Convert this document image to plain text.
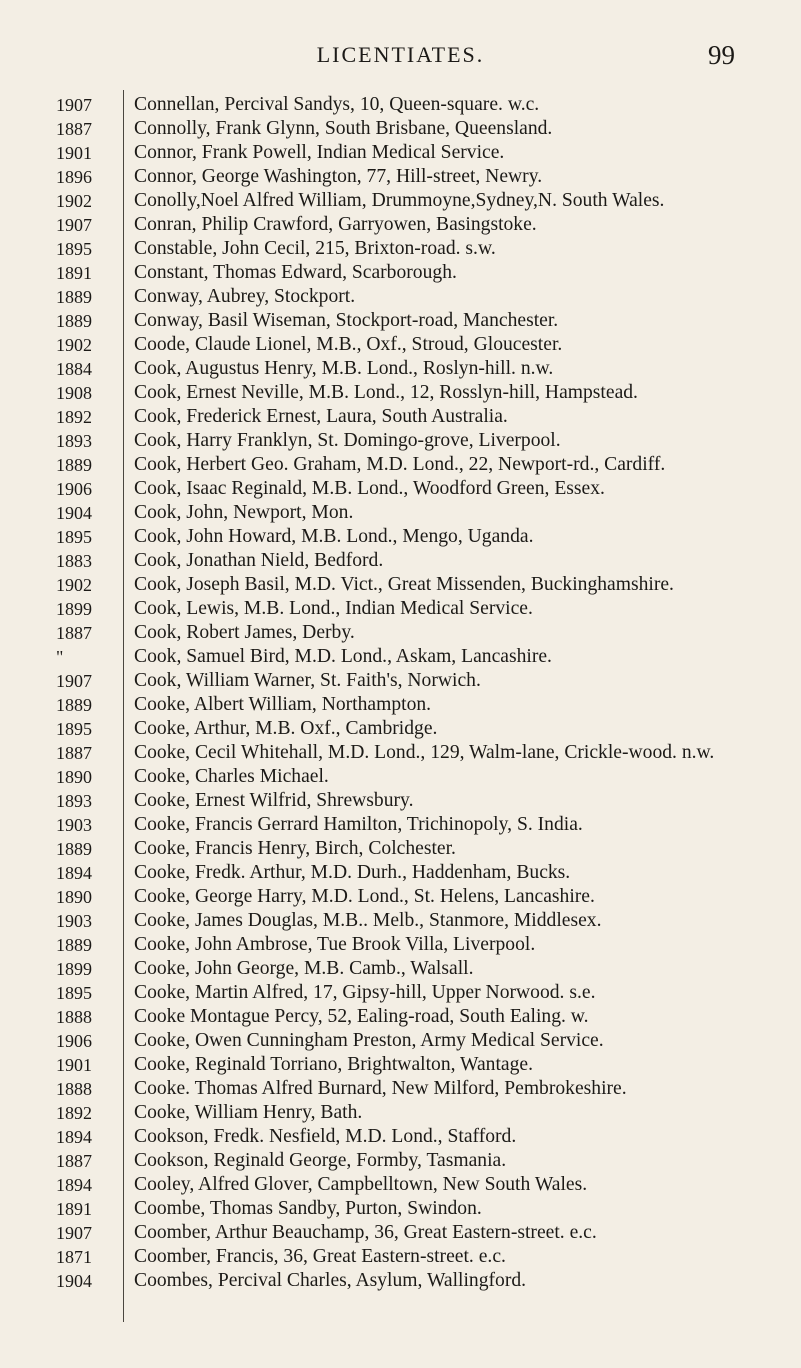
LICENTIATES.	99
1907	Connellan, Percival Sandys, 10, Queen-square. w.c.
1887	Connolly, Frank Glynn, South Brisbane, Queensland.
1901	Connor, Frank Powell, Indian Medical Service.
1896	Connor, George Washington, 77, Hill-street, Newry.
1902	Conolly,Noel Alfred William, Drummoyne,Sydney,N. South Wales.
1907	Conran, Philip Crawford, Garryowen, Basingstoke.
1895	Constable, John Cecil, 215, Brixton-road. s.w.
1891	Constant, Thomas Edward, Scarborough.
1889	Conway, Aubrey, Stockport.
1889	Conway, Basil Wiseman, Stockport-road, Manchester.
1902	Coode, Claude Lionel, M.B., Oxf., Stroud, Gloucester.
1884	Cook, Augustus Henry, M.B. Lond., Roslyn-hill. n.w.
1908	Cook, Ernest Neville, M.B. Lond., 12, Rosslyn-hill, Hampstead.
1892	Cook, Frederick Ernest, Laura, South Australia.
1893	Cook, Harry Franklyn, St. Domingo-grove, Liverpool.
1889	Cook, Herbert Geo. Graham, M.D. Lond., 22, Newport-rd., Cardiff.
1906	Cook, Isaac Reginald, M.B. Lond., Woodford Green, Essex.
1904	Cook, John, Newport, Mon.
1895	Cook, John Howard, M.B. Lond., Mengo, Uganda.
1883	Cook, Jonathan Nield, Bedford.
1902	Cook, Joseph Basil, M.D. Vict., Great Missenden, Buckinghamshire.
1899	Cook, Lewis, M.B. Lond., Indian Medical Service.
1887	Cook, Robert James, Derby.
"	Cook, Samuel Bird, M.D. Lond., Askam, Lancashire.
1907	Cook, William Warner, St. Faith's, Norwich.
1889	Cooke, Albert William, Northampton.
1895	Cooke, Arthur, M.B. Oxf., Cambridge.
1887	Cooke, Cecil Whitehall, M.D. Lond., 129, Walm-lane, Crickle-wood. n.w.
1890	Cooke, Charles Michael.
1893	Cooke, Ernest Wilfrid, Shrewsbury.
1903	Cooke, Francis Gerrard Hamilton, Trichinopoly, S. India.
1889	Cooke, Francis Henry, Birch, Colchester.
1894	Cooke, Fredk. Arthur, M.D. Durh., Haddenham, Bucks.
1890	Cooke, George Harry, M.D. Lond., St. Helens, Lancashire.
1903	Cooke, James Douglas, M.B.. Melb., Stanmore, Middlesex.
1889	Cooke, John Ambrose, Tue Brook Villa, Liverpool.
1899	Cooke, John George, M.B. Camb., Walsall.
1895	Cooke, Martin Alfred, 17, Gipsy-hill, Upper Norwood. s.e.
1888	Cooke Montague Percy, 52, Ealing-road, South Ealing. w.
1906	Cooke, Owen Cunningham Preston, Army Medical Service.
1901	Cooke, Reginald Torriano, Brightwalton, Wantage.
1888	Cooke. Thomas Alfred Burnard, New Milford, Pembrokeshire.
1892	Cooke, William Henry, Bath.
1894	Cookson, Fredk. Nesfield, M.D. Lond., Stafford.
1887	Cookson, Reginald George, Formby, Tasmania.
1894	Cooley, Alfred Glover, Campbelltown, New South Wales.
1891	Coombe, Thomas Sandby, Purton, Swindon.
1907	Coomber, Arthur Beauchamp, 36, Great Eastern-street. e.c.
1871	Coomber, Francis, 36, Great Eastern-street. e.c.
1904	Coombes, Percival Charles, Asylum, Wallingford.
